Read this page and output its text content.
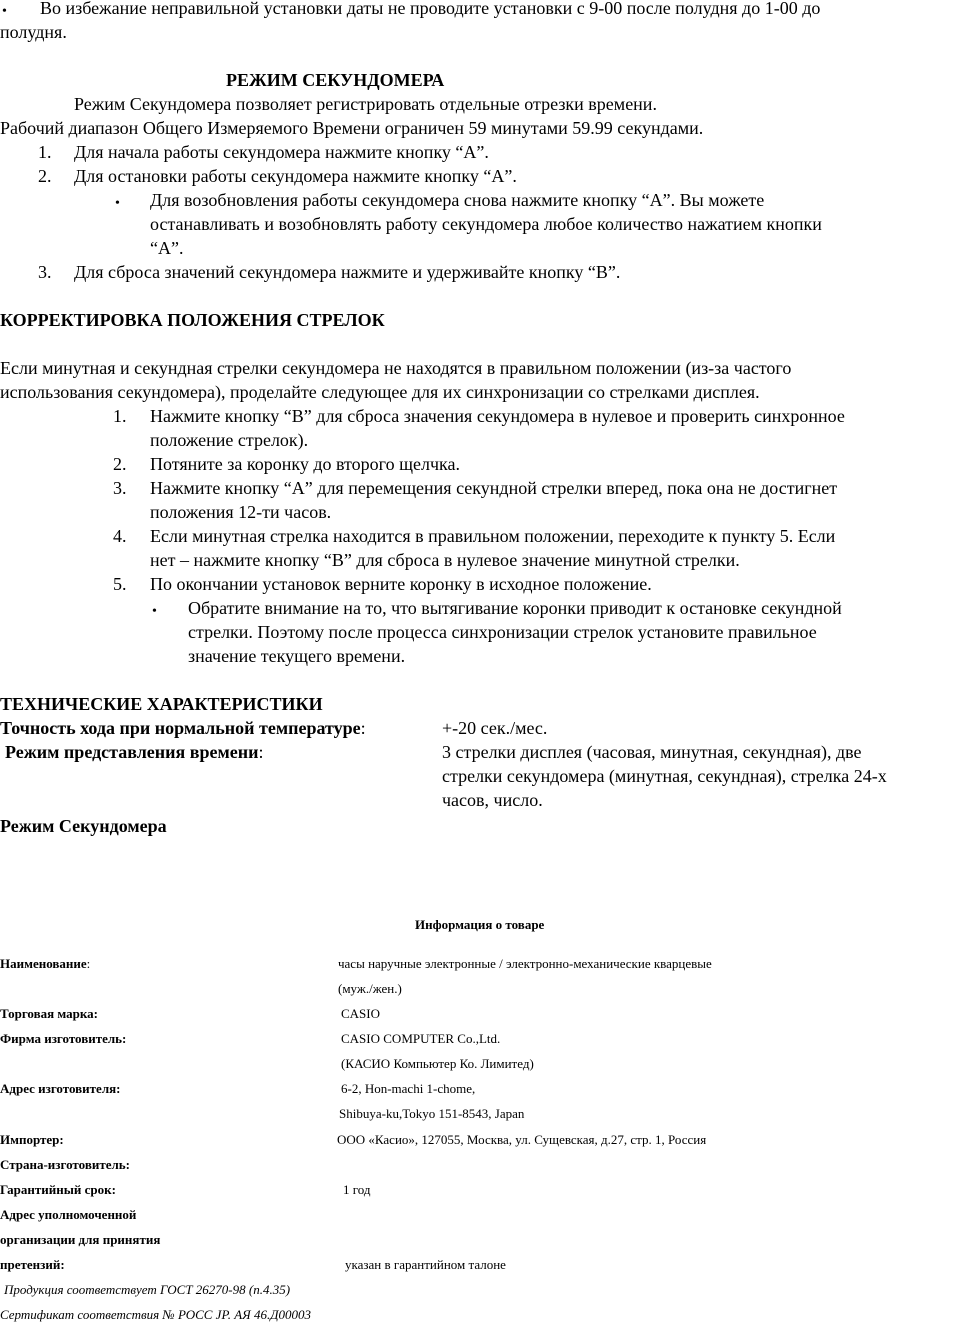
• Во избежание неправильной установки даты не проводите установки с 9-00 после полудня до 1-00 до
полудня.
РЕЖИМ СЕКУНДОМЕРА
Режим Секундомера позволяет регистрировать отдельные отрезки времени.
Рабочий диапазон Общего Измеряемого Времени ограничен 59 минутами 59.99 секундами.
1. Для начала работы секундомера нажмите кнопку “А”.
2. Для остановки работы секундомера нажмите кнопку “А”.
• Для возобновления работы секундомера снова нажмите кнопку “А”. Вы можете
останавливать и возобновлять работу секундомера любое количество нажатием кнопки
“А”.
3. Для сброса значений секундомера нажмите и удерживайте кнопку “В”.
КОРРЕКТИРОВКА ПОЛОЖЕНИЯ СТРЕЛОК
Если минутная и секундная стрелки секундомера не находятся в правильном положении (из-за частого
использования секундомера), проделайте следующее для их синхронизации со стрелками дисплея.
1. Нажмите кнопку “В” для сброса значения секундомера в нулевое и проверить синхронное
положение стрелок).
2. Потяните за коронку до второго щелчка.
3. Нажмите кнопку “А” для перемещения секундной стрелки вперед, пока она не достигнет
положения 12-ти часов.
4. Если минутная стрелка находится в правильном положении, переходите к пункту 5. Если
нет – нажмите кнопку “В” для сброса в нулевое значение минутной стрелки.
5. По окончании установок верните коронку в исходное положение.
• Обратите внимание на то, что вытягивание коронки приводит к остановке секундной
стрелки. Поэтому после процесса синхронизации стрелок установите правильное
значение текущего времени.
ТЕХНИЧЕСКИЕ ХАРАКТЕРИСТИКИ
Точность хода при нормальной температуре:	+-20 сек./мес.
Режим представления времени:	3 стрелки дисплея (часовая, минутная, секундная), две
стрелки секундомера (минутная, секундная), стрелка 24-х
часов, число.
Режим Секундомера
Информация о товаре
Наименование:	часы наручные электронные / электронно-механические кварцевые
(муж./жен.)
Торговая марка:	CASIO
Фирма изготовитель:	CASIO COMPUTER Co.,Ltd.
(КАСИО Компьютер Ко. Лимитед)
Адрес изготовителя:	6-2, Hon-machi 1-chome,
Shibuya-ku,Tokyo 151-8543, Japan
Импортер:	ООО «Касио», 127055, Москва, ул. Сущевская, д.27, стр. 1, Россия
Страна-изготовитель:
Гарантийный срок:	1 год
Адрес уполномоченной
организации для принятия
претензий:	указан в гарантийном талоне
Продукция соответствует ГОСТ 26270-98 (п.4.35)
Сертификат соответствия № РОСС JP. АЯ 46.Д00003
